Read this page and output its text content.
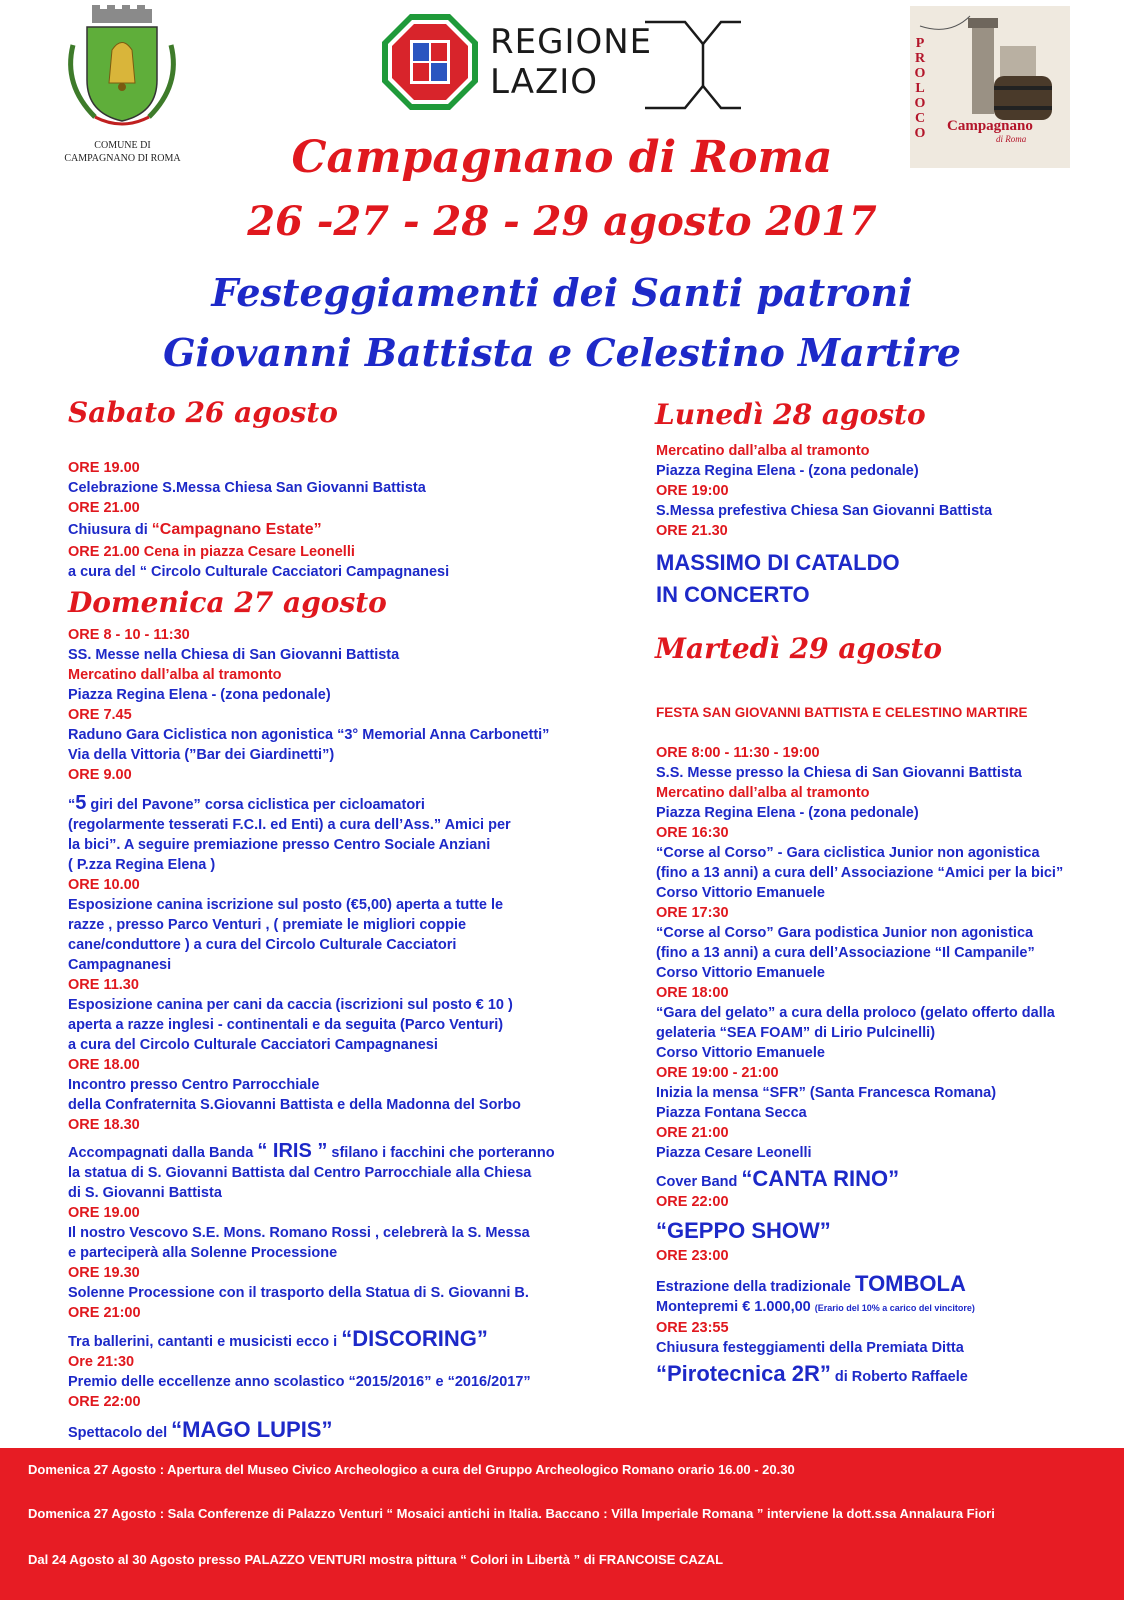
COMUNE DI
CAMPAGNANO DI ROMA
REGIONE
LAZIO
PROLOCO Campagnano
di Roma
Campagnano di Roma
26 -27 - 28 - 29 agosto 2017
Festeggiamenti dei Santi patroni
Giovanni Battista e Celestino Martire
Sabato 26 agosto
ORE 19.00
Celebrazione S.Messa Chiesa San Giovanni Battista
ORE 21.00
Chiusura di “Campagnano Estate”
ORE 21.00 Cena in piazza Cesare Leonelli
a cura del “ Circolo Culturale Cacciatori Campagnanesi
Domenica 27 agosto
ORE 8 - 10 - 11:30
SS. Messe nella Chiesa di San Giovanni Battista
Mercatino dall’alba al tramonto
Piazza Regina Elena - (zona pedonale)
ORE 7.45
Raduno Gara Ciclistica non agonistica “3° Memorial Anna Carbonetti”
Via della Vittoria (”Bar dei Giardinetti”)
ORE 9.00
“5 giri del Pavone” corsa ciclistica per cicloamatori
(regolarmente tesserati F.C.I. ed Enti) a cura dell’Ass.” Amici per
la bici”. A seguire premiazione presso Centro Sociale Anziani
( P.zza Regina Elena )
ORE 10.00
Esposizione canina iscrizione sul posto (€5,00) aperta a tutte le
razze , presso Parco Venturi , ( premiate le migliori coppie
cane/conduttore ) a cura del Circolo Culturale Cacciatori
Campagnanesi
ORE 11.30
Esposizione canina per cani da caccia (iscrizioni sul posto € 10 )
aperta a razze inglesi - continentali e da seguita (Parco Venturi)
a cura del Circolo Culturale Cacciatori Campagnanesi
ORE 18.00
Incontro presso Centro Parrocchiale
della Confraternita S.Giovanni Battista e della Madonna del Sorbo
ORE 18.30
Accompagnati dalla Banda “ IRIS ” sfilano i facchini che porteranno
la statua di S. Giovanni Battista dal Centro Parrocchiale alla Chiesa
di S. Giovanni Battista
ORE 19.00
Il nostro Vescovo S.E. Mons. Romano Rossi , celebrerà la S. Messa
e parteciperà alla Solenne Processione
ORE 19.30
Solenne Processione con il trasporto della Statua di S. Giovanni B.
ORE 21:00
Tra ballerini, cantanti e musicisti ecco i “DISCORING”
Ore 21:30
Premio delle eccellenze anno scolastico “2015/2016” e “2016/2017”
ORE 22:00
Spettacolo del “MAGO LUPIS”
Lunedì 28 agosto
Mercatino dall’alba al tramonto
Piazza Regina Elena - (zona pedonale)
ORE 19:00
S.Messa prefestiva Chiesa San Giovanni Battista
ORE 21.30
MASSIMO DI CATALDO
IN CONCERTO
Martedì 29 agosto
FESTA SAN GIOVANNI BATTISTA E CELESTINO MARTIRE
ORE 8:00 - 11:30 - 19:00
S.S. Messe presso la Chiesa di San Giovanni Battista
Mercatino dall’alba al tramonto
Piazza Regina Elena - (zona pedonale)
ORE 16:30
“Corse al Corso” - Gara ciclistica Junior non agonistica
(fino a 13 anni) a cura dell’ Associazione “Amici per la bici”
Corso Vittorio Emanuele
ORE 17:30
“Corse al Corso” Gara podistica Junior non agonistica
(fino a 13 anni) a cura dell’Associazione “Il Campanile”
Corso Vittorio Emanuele
ORE 18:00
“Gara del gelato” a cura della proloco (gelato offerto dalla
gelateria “SEA FOAM” di Lirio Pulcinelli)
Corso Vittorio Emanuele
ORE 19:00 - 21:00
Inizia la mensa “SFR” (Santa Francesca Romana)
Piazza Fontana Secca
ORE 21:00
Piazza Cesare Leonelli
Cover Band “CANTA RINO”
ORE 22:00
“GEPPO SHOW”
ORE 23:00
Estrazione della tradizionale TOMBOLA
Montepremi € 1.000,00 (Erario del 10% a carico del vincitore)
ORE 23:55
Chiusura festeggiamenti della Premiata Ditta
“Pirotecnica 2R” di Roberto Raffaele
Domenica 27 Agosto : Apertura del Museo Civico Archeologico a cura del Gruppo Archeologico Romano orario 16.00 - 20.30
Domenica 27 Agosto : Sala Conferenze di Palazzo Venturi “ Mosaici antichi in Italia. Baccano : Villa Imperiale Romana ” interviene la dott.ssa Annalaura Fiori
Dal 24 Agosto al 30 Agosto presso PALAZZO VENTURI mostra pittura “ Colori in Libertà ” di FRANCOISE CAZAL
